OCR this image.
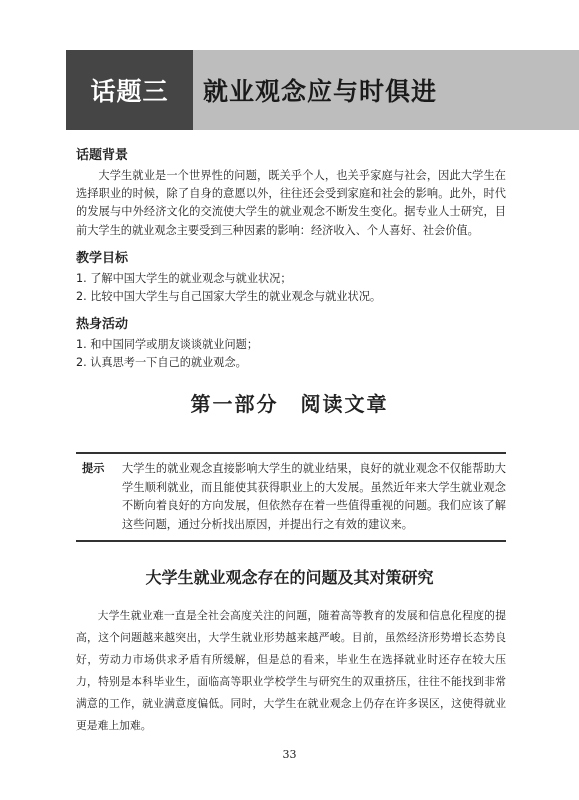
话题三	就业观念应与时俱进
话题背景

大学生就业是一个世界性的问题，既关乎个人，也关乎家庭与社会，因此大学生在选择职业的时候，除了自身的意愿以外，往往还会受到家庭和社会的影响。此外，时代的发展与中外经济文化的交流使大学生的就业观念不断发生变化。据专业人士研究，目前大学生的就业观念主要受到三种因素的影响：经济收入、个人喜好、社会价值。

教学目标
1. 了解中国大学生的就业观念与就业状况；
2. 比较中国大学生与自己国家大学生的就业观念与就业状况。
热身活动
1. 和中国同学或朋友谈谈就业问题；
2. 认真思考一下自己的就业观念。
第一部分　阅读文章
提示	大学生的就业观念直接影响大学生的就业结果，良好的就业观念不仅能帮助大学生顺利就业，而且能使其获得职业上的大发展。虽然近年来大学生就业观念不断向着良好的方向发展，但依然存在着一些值得重视的问题。我们应该了解这些问题，通过分析找出原因，并提出行之有效的建议来。
大学生就业观念存在的问题及其对策研究

大学生就业难一直是全社会高度关注的问题，随着高等教育的发展和信息化程度的提高，这个问题越来越突出，大学生就业形势越来越严峻。目前，虽然经济形势增长态势良好，劳动力市场供求矛盾有所缓解，但是总的看来，毕业生在选择就业时还存在较大压力，特别是本科毕业生，面临高等职业学校学生与研究生的双重挤压，往往不能找到非常满意的工作，就业满意度偏低。同时，大学生在就业观念上仍存在许多误区，这使得就业更是难上加难。

33
